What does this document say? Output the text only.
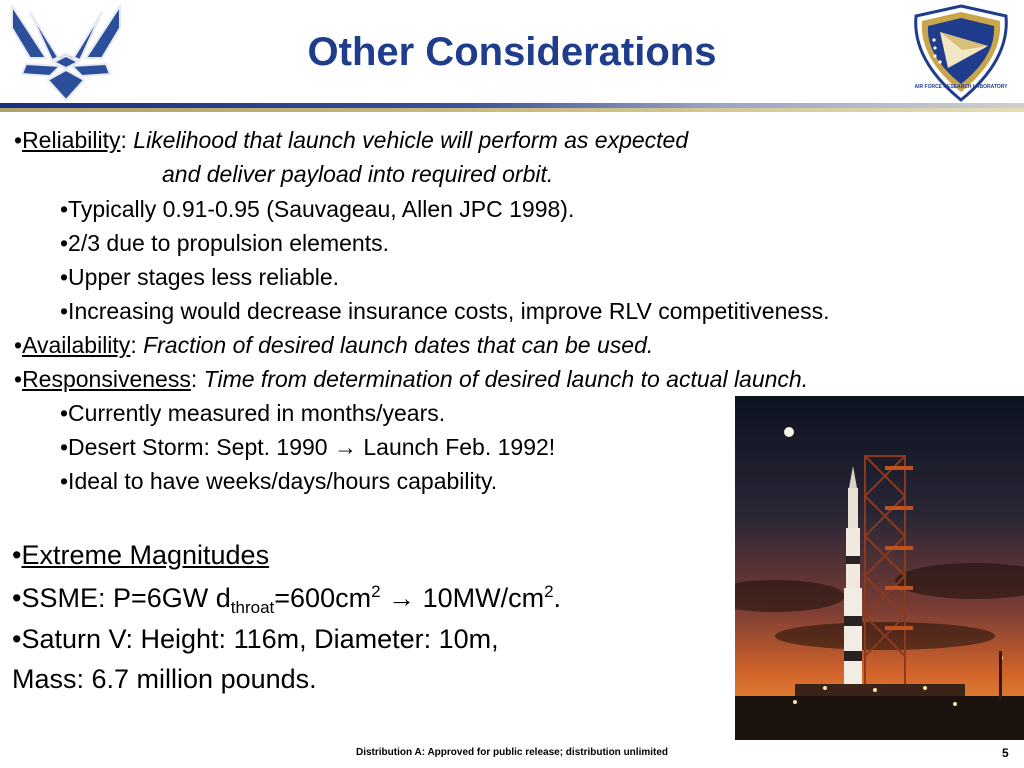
Other Considerations
AIR FORCE RESEARCH LABORATORY
•Reliability: Likelihood that launch vehicle will perform as expected
and deliver payload into required orbit.
•Typically 0.91-0.95 (Sauvageau, Allen JPC 1998).
•2/3 due to propulsion elements.
•Upper stages less reliable.
•Increasing would decrease insurance costs, improve RLV competitiveness.
•Availability: Fraction of desired launch dates that can be used.
•Responsiveness: Time from determination of desired launch to actual launch.
•Currently measured in months/years.
•Desert Storm: Sept. 1990 → Launch Feb. 1992!
•Ideal to have weeks/days/hours capability.
•Extreme Magnitudes
•SSME: P=6GW $d_{throat}=600cm^2 \to 10MW/cm^2$.
•Saturn V: Height: 116m, Diameter: 10m,
Mass: 6.7 million pounds.
Distribution A: Approved for public release; distribution unlimited	5
